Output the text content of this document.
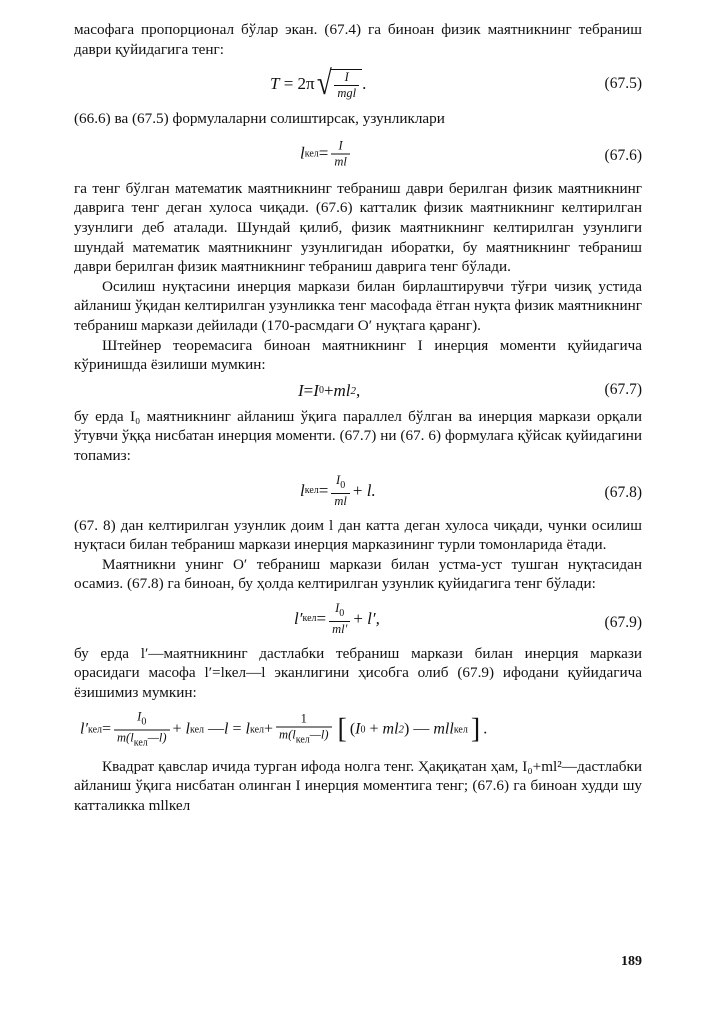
масофага пропорционал бўлар экан. (67.4) га биноан физик маятникнинг тебраниш даври қуйидагига тенг:

T = 2π √ $\frac{I}{\text{mgl}}$ .	(67.5)

(66.6) ва (67.5) формулаларни солиштирсак, узунликлари

l кел = $\frac{I}{ml}$	(67.6)

га тенг бўлган математик маятникнинг тебраниш даври берилган физик маятникнинг даврига тенг деган хулоса чиқади. (67.6) катталик физик маятникнинг келтирилган узунлиги деб аталади. Шундай қилиб, физик маятникнинг келтирилган узунлиги шундай математик маятникнинг узунлигидан иборатки, бу маятникнинг тебраниш даври берилган физик маятникнинг тебраниш даврига тенг бўлади.

Осилиш нуқтасини инерция маркази билан бирлаштирувчи тўғри чизиқ устида айланиш ўқидан келтирилган узунликка тенг масофада ётган нуқта физик маятникнинг тебраниш маркази дейилади (170-расмдаги O′ нуқтага қаранг).

Штейнер теоремасига биноан маятникнинг I инерция моменти қуйидагича кўринишда ёзилиши мумкин:

I = I 0 + ml 2 ,	(67.7)

бу ерда I₀ маятникнинг айланиш ўқига параллел бўлган ва инерция маркази орқали ўтувчи ўққа нисбатан инерция моменти. (67.7) ни (67. 6) формулага қўйсак қуйидагини топамиз:

l кел = $\frac{I_0}{ml}$ +
l.	(67.8)

(67. 8) дан келтирилган узунлик доим l дан катта деган хулоса чиқади, чунки осилиш нуқтаси билан тебраниш маркази инерция марказининг турли томонларида ётади.

Маятникни унинг O′ тебраниш маркази билан устма-уст тушган нуқтасидан осамиз. (67.8) га биноан, бу ҳолда келтирилган узунлик қуйидагига тенг бўлади:

l′ кел = $\frac{I_0}{ml'}$ +
l′,	(67.9)

бу ерда l′—маятникнинг дастлабки тебраниш маркази билан инерция маркази орасидаги масофа l′=lкел—l эканлигини ҳисобга олиб (67.9) ифодани қуйидагича ёзишимиз мумкин:

l′ кел = $\frac{I_0}{m(l_{кел}—l)}$ +
l кел
— l = l кел + $\frac{1}{m(l_{кел}—l)}$ [ ( I 0 + ml 2 ) — mll кел ] .

Квадрат қавслар ичида турган ифода нолга тенг. Ҳақиқатан ҳам, I₀+ml²—дастлабки айланиш ўқига нисбатан олинган I инерция моментига тенг; (67.6) га биноан худди шу катталикка mllкел

189
